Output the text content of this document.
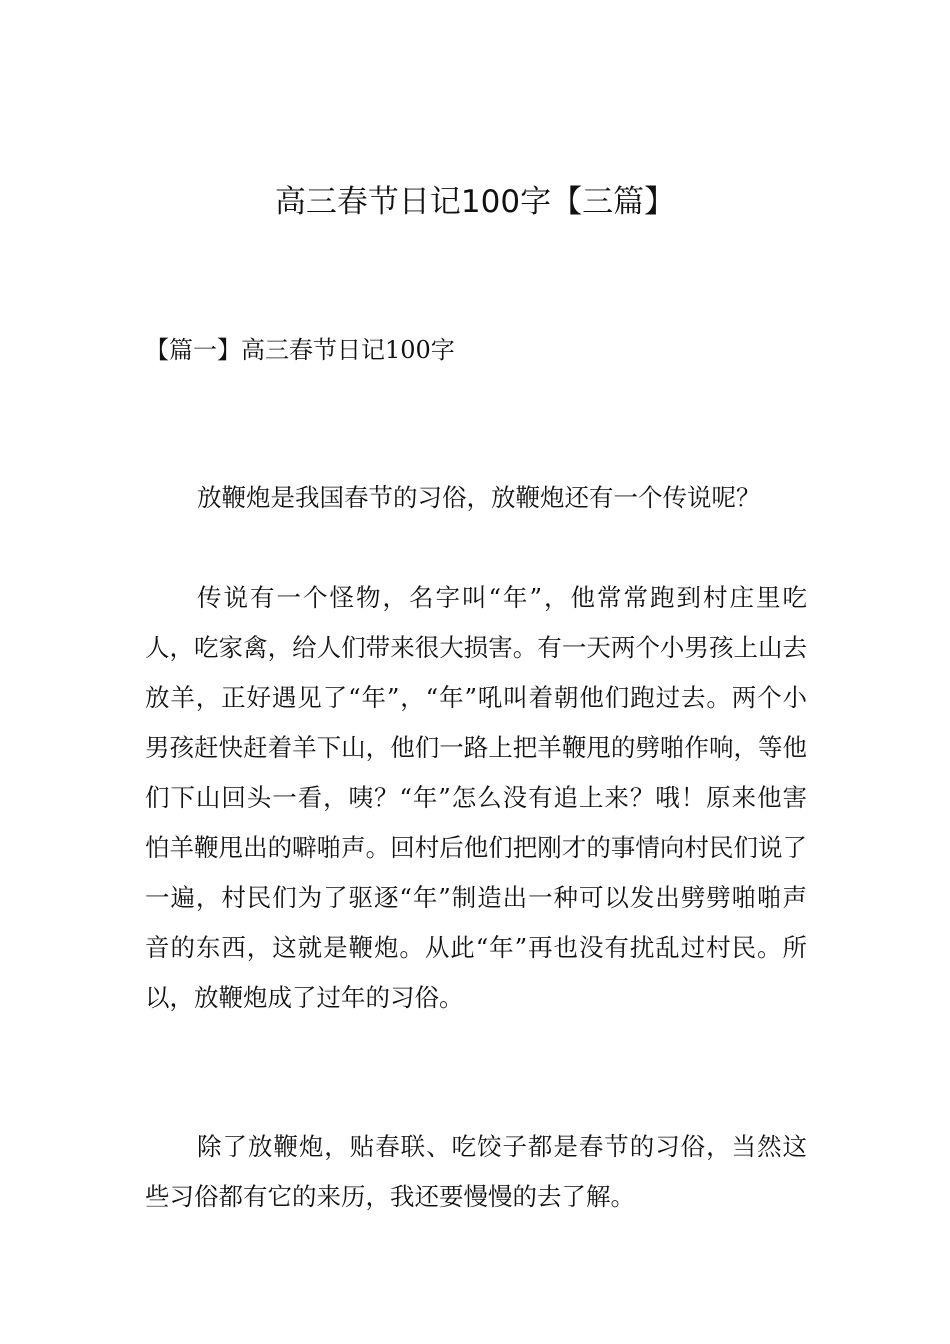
高三春节日记100字【三篇】
【篇一】高三春节日记100字

放鞭炮是我国春节的习俗，放鞭炮还有一个传说呢？

传说有一个怪物，名字叫“年”，他常常跑到村庄里吃人，吃家禽，给人们带来很大损害。有一天两个小男孩上山去放羊，正好遇见了“年”，“年”吼叫着朝他们跑过去。两个小男孩赶快赶着羊下山，他们一路上把羊鞭甩的劈啪作响，等他们下山回头一看，咦？“年”怎么没有追上来？哦！原来他害怕羊鞭甩出的噼啪声。回村后他们把刚才的事情向村民们说了一遍，村民们为了驱逐“年”制造出一种可以发出劈劈啪啪声音的东西，这就是鞭炮。从此“年”再也没有扰乱过村民。所以，放鞭炮成了过年的习俗。

除了放鞭炮，贴春联、吃饺子都是春节的习俗，当然这些习俗都有它的来历，我还要慢慢的去了解。
